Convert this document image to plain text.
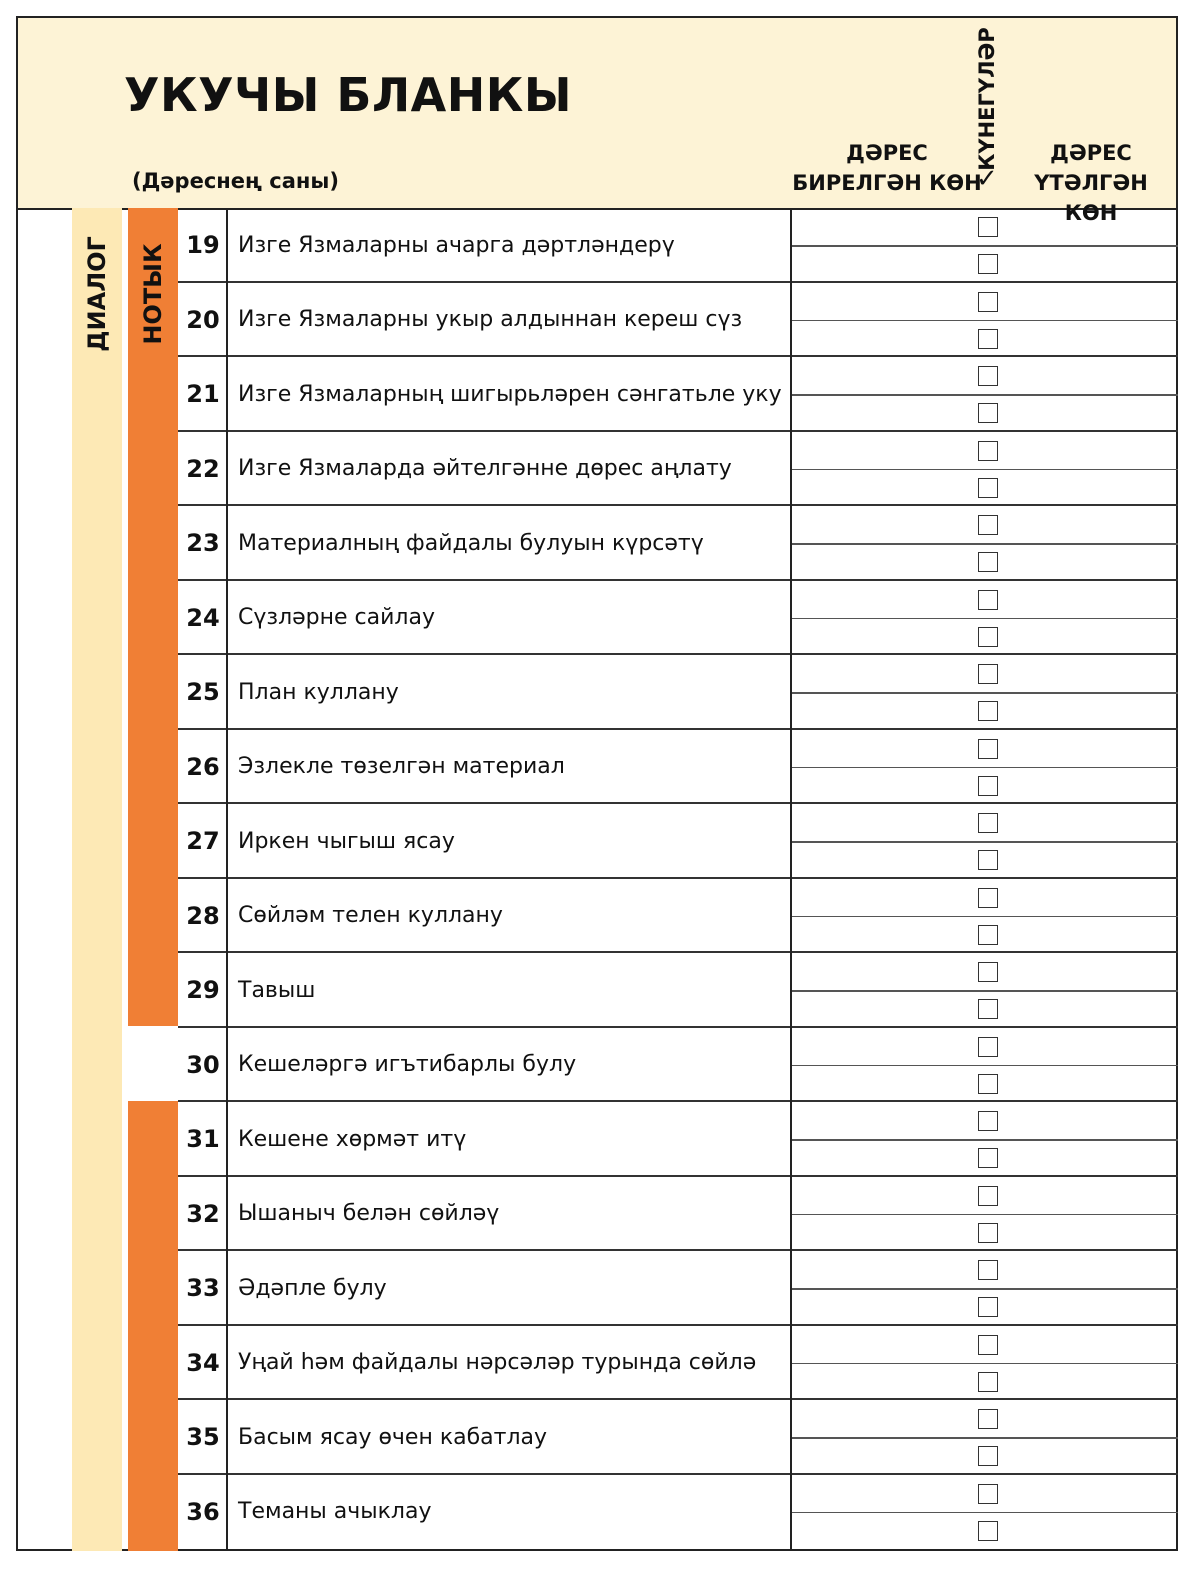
УКУЧЫ БЛАНКЫ
(Дәреснең саны)
ДӘРЕС БИРЕЛГӘН КӨН
КҮНЕГҮЛӘР
✓
ДӘРЕС ҮТӘЛГӘН КӨН
ДИАЛОГ НОТЫК 19 Изге Язмаларны ачарга дәртләндерү
20 Изге Язмаларны укыр алдыннан кереш сүз
21 Изге Язмаларның шигырьләрен сәнгатьле уку
22 Изге Язмаларда әйтелгәнне дөрес аңлату
23 Материалның файдалы булуын күрсәтү
24 Сүзләрне сайлау
25 План куллану
26 Эзлекле төзелгән материал
27 Иркен чыгыш ясау
28 Сөйләм телен куллану
29 Тавыш
30 Кешеләргә игътибарлы булу
31 Кешене хөрмәт итү
32 Ышаныч белән сөйләү
33 Әдәпле булу
34 Уңай һәм файдалы нәрсәләр турында сөйлә
35 Басым ясау өчен кабатлау
36 Теманы ачыклау
